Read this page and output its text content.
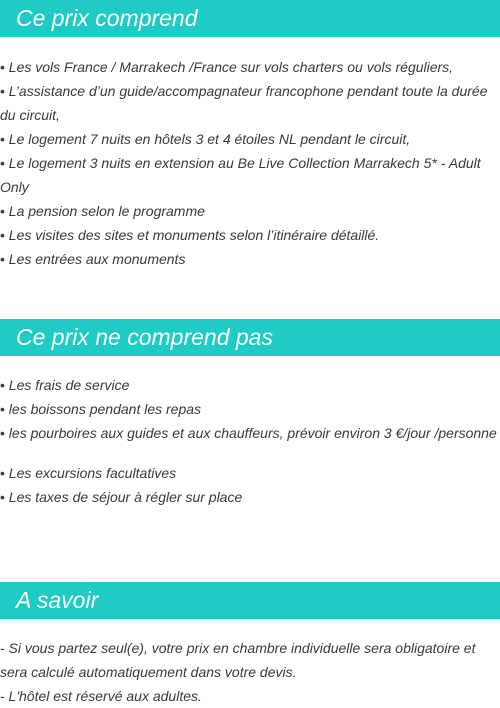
Ce prix comprend

• Les vols France / Marrakech /France sur vols charters ou vols réguliers,

• L’assistance d’un guide/accompagnateur francophone pendant toute la durée du circuit,

• Le logement 7 nuits en hôtels 3 et 4 étoiles NL pendant le circuit,

• Le logement 3 nuits en extension au Be Live Collection Marrakech 5* - Adult Only

• La pension selon le programme

• Les visites des sites et monuments selon l’itinéraire détaillé.

• Les entrées aux monuments

Ce prix ne comprend pas

• Les frais de service

• les boissons pendant les repas

• les pourboires aux guides et aux chauffeurs, prévoir environ 3 €/jour /personne

• Les excursions facultatives

• Les taxes de séjour à régler sur place

A savoir

- Si vous partez seul(e), votre prix en chambre individuelle sera obligatoire et sera calculé automatiquement dans votre devis.

- L'hôtel est réservé aux adultes.
